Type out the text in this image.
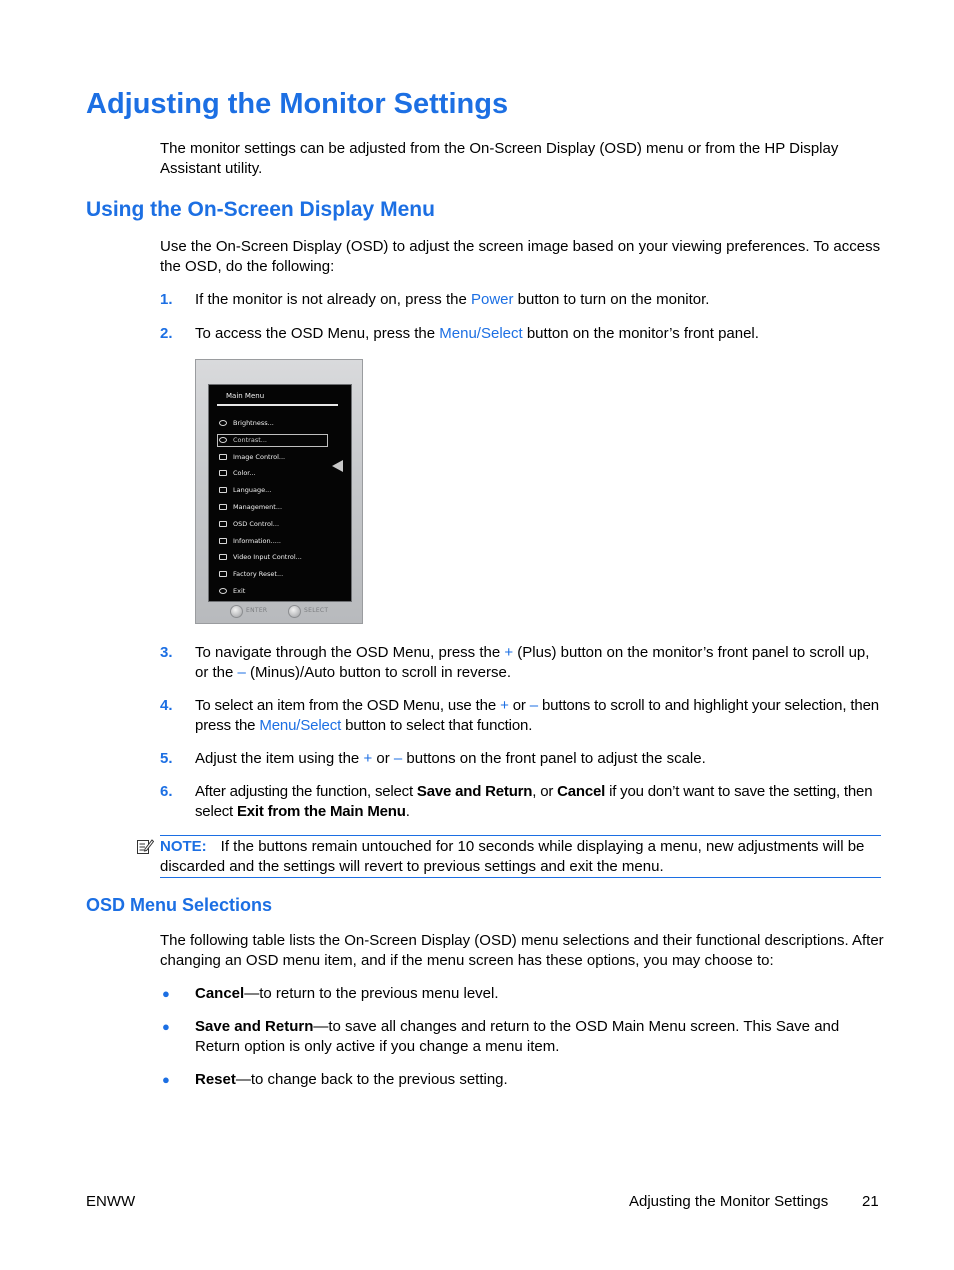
Adjusting the Monitor Settings

The monitor settings can be adjusted from the On-Screen Display (OSD) menu or from the HP Display Assistant utility.

Using the On-Screen Display Menu

Use the On-Screen Display (OSD) to adjust the screen image based on your viewing preferences. To access the OSD, do the following:

1. If the monitor is not already on, press the Power button to turn on the monitor.
2. To access the OSD Menu, press the Menu/Select button on the monitor’s front panel.
Main Menu
Brightness...
Contrast...
Image Control...
Color...
Language...
Management...
OSD Control...
Information.....
Video Input Control...
Factory Reset...
Exit
ENTER	SELECT
3. To navigate through the OSD Menu, press the + (Plus) button on the monitor’s front panel to scroll up, or the – (Minus)/Auto button to scroll in reverse.
4. To select an item from the OSD Menu, use the + or – buttons to scroll to and highlight your selection, then press the Menu/Select button to select that function.
5. Adjust the item using the + or – buttons on the front panel to adjust the scale.
6. After adjusting the function, select Save and Return, or Cancel if you don’t want to save the setting, then select Exit from the Main Menu.
NOTE: If the buttons remain untouched for 10 seconds while displaying a menu, new adjustments will be discarded and the settings will revert to previous settings and exit the menu.
OSD Menu Selections

The following table lists the On-Screen Display (OSD) menu selections and their functional descriptions. After changing an OSD menu item, and if the menu screen has these options, you may choose to:

● Cancel—to return to the previous menu level.
● Save and Return—to save all changes and return to the OSD Main Menu screen. This Save and Return option is only active if you change a menu item.
● Reset—to change back to the previous setting.
ENWW	Adjusting the Monitor Settings 21
